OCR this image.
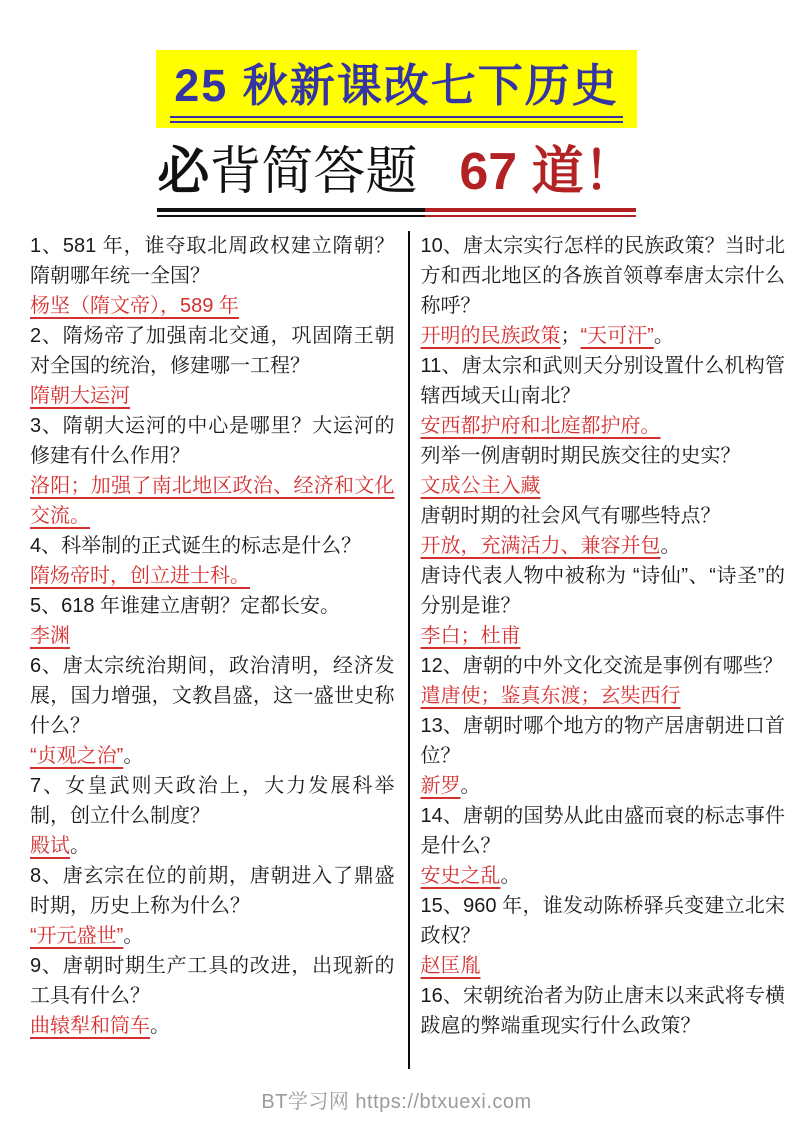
25 秋新课改七下历史
必背简答题 67 道！
1、581 年，谁夺取北周政权建立隋朝？隋朝哪年统一全国？
杨坚（隋文帝），589 年
2、隋炀帝了加强南北交通，巩固隋王朝对全国的统治，修建哪一工程？
隋朝大运河
3、隋朝大运河的中心是哪里？大运河的修建有什么作用？
洛阳；加强了南北地区政治、经济和文化交流。
4、科举制的正式诞生的标志是什么？
隋炀帝时，创立进士科。
5、618 年谁建立唐朝？定都长安。
李渊
6、唐太宗统治期间，政治清明，经济发展，国力增强，文教昌盛，这一盛世史称什么？
“贞观之治”。
7、女皇武则天政治上，大力发展科举制，创立什么制度？
殿试。
8、唐玄宗在位的前期，唐朝进入了鼎盛时期，历史上称为什么？
“开元盛世”。
9、唐朝时期生产工具的改进，出现新的工具有什么？
曲辕犁和筒车。
10、唐太宗实行怎样的民族政策？当时北方和西北地区的各族首领尊奉唐太宗什么称呼？
开明的民族政策；“天可汗”。
11、唐太宗和武则天分别设置什么机构管辖西域天山南北？
安西都护府和北庭都护府。
列举一例唐朝时期民族交往的史实？
文成公主入藏
唐朝时期的社会风气有哪些特点？
开放，充满活力、兼容并包。
唐诗代表人物中被称为 “诗仙”、“诗圣”的分别是谁？
李白；杜甫
12、唐朝的中外文化交流是事例有哪些？
遣唐使；鉴真东渡；玄奘西行
13、唐朝时哪个地方的物产居唐朝进口首位？
新罗。
14、唐朝的国势从此由盛而衰的标志事件是什么？
安史之乱。
15、960 年，谁发动陈桥驿兵变建立北宋政权？
赵匡胤
16、宋朝统治者为防止唐末以来武将专横跋扈的弊端重现实行什么政策？
BT学习网 https://btxuexi.com
